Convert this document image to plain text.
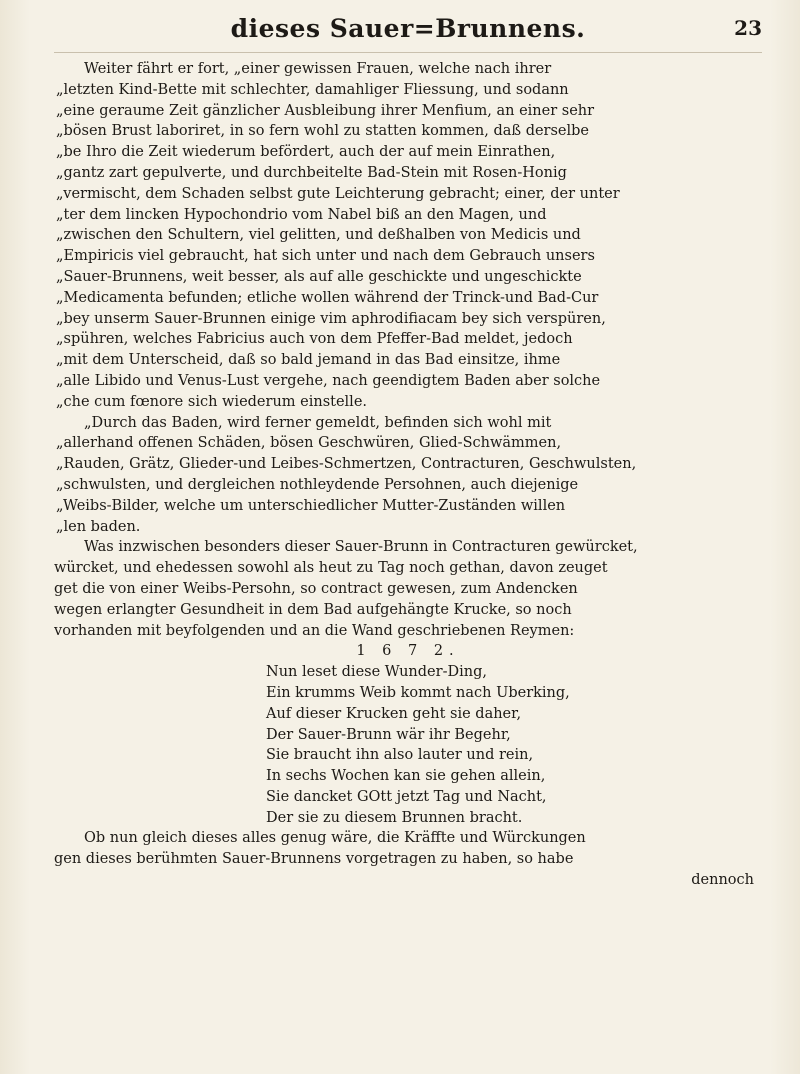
dieses Sauer=Brunnens.	23

Weiter fährt er fort, „einer gewissen Frauen, welche nach ihrer

„letzten Kind-Bette mit schlechter, damahliger Fliessung, und sodann

„eine geraume Zeit gänzlicher Ausbleibung ihrer Menfium, an einer sehr

„bösen Brust laboriret, in so fern wohl zu statten kommen, daß derselbe

„be Ihro die Zeit wiederum befördert, auch der auf mein Einrathen,

„gantz zart gepulverte, und durchbeitelte Bad-Stein mit Rosen-Honig

„vermischt, dem Schaden selbst gute Leichterung gebracht; einer, der unter

„ter dem lincken Hypochondrio vom Nabel biß an den Magen, und

„zwischen den Schultern, viel gelitten, und deßhalben von Medicis und

„Empiricis viel gebraucht, hat sich unter und nach dem Gebrauch unsers

„Sauer-Brunnens, weit besser, als auf alle geschickte und ungeschickte

„Medicamenta befunden; etliche wollen während der Trinck-und Bad-Cur

„bey unserm Sauer-Brunnen einige vim aphrodifiacam bey sich verspüren,

„spühren, welches Fabricius auch von dem Pfeffer-Bad meldet, jedoch

„mit dem Unterscheid, daß so bald jemand in das Bad einsitze, ihme

„alle Libido und Venus-Lust vergehe, nach geendigtem Baden aber solche

„che cum fœnore sich wiederum einstelle.

„Durch das Baden, wird ferner gemeldt, befinden sich wohl mit

„allerhand offenen Schäden, bösen Geschwüren, Glied-Schwämmen,

„Rauden, Grätz, Glieder-und Leibes-Schmertzen, Contracturen, Geschwulsten,

„schwulsten, und dergleichen nothleydende Persohnen, auch diejenige

„Weibs-Bilder, welche um unterschiedlicher Mutter-Zuständen willen

„len baden.

Was inzwischen besonders dieser Sauer-Brunn in Contracturen gewürcket,

würcket, und ehedessen sowohl als heut zu Tag noch gethan, davon zeuget

get die von einer Weibs-Persohn, so contract gewesen, zum Andencken

wegen erlangter Gesundheit in dem Bad aufgehängte Krucke, so noch

vorhanden mit beyfolgenden und an die Wand geschriebenen Reymen:

1 6 7 2.

Nun leset diese Wunder-Ding,

Ein krumms Weib kommt nach Uberking,

Auf dieser Krucken geht sie daher,

Der Sauer-Brunn wär ihr Begehr,

Sie braucht ihn also lauter und rein,

In sechs Wochen kan sie gehen allein,

Sie dancket GOtt jetzt Tag und Nacht,

Der sie zu diesem Brunnen bracht.

Ob nun gleich dieses alles genug wäre, die Kräffte und Würckungen

gen dieses berühmten Sauer-Brunnens vorgetragen zu haben, so habe

dennoch
